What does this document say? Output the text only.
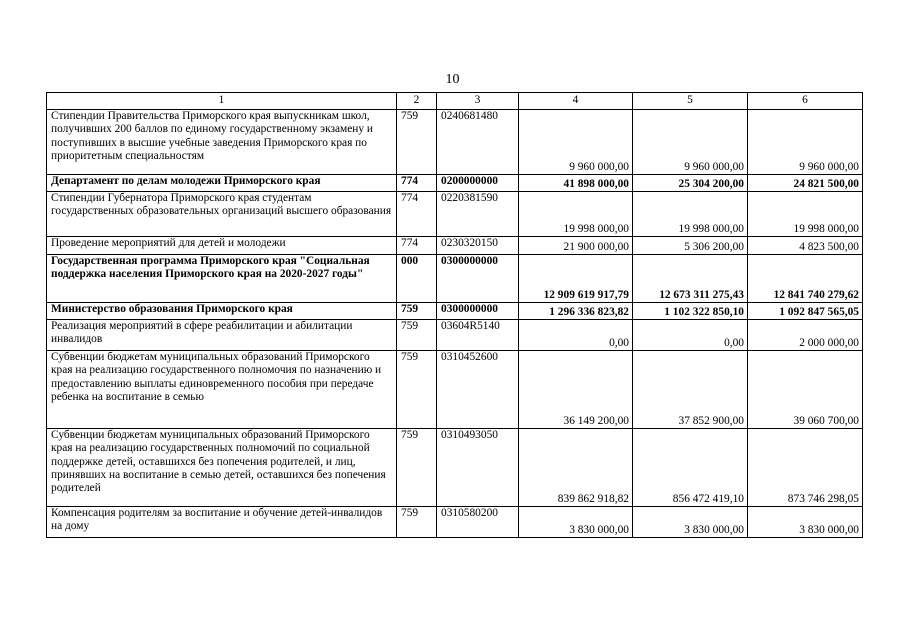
10
1	2	3	4	5	6
Стипендии Правительства Приморского края выпускникам школ, получивших 200 баллов по единому государственному экзамену и поступивших в высшие учебные заведения Приморского края по приоритетным специальностям	759	0240681480	9 960 000,00	9 960 000,00	9 960 000,00
Департамент по делам молодежи Приморского края	774	0200000000	41 898 000,00	25 304 200,00	24 821 500,00
Стипендии Губернатора Приморского края студентам государственных образовательных организаций высшего образования	774	0220381590	19 998 000,00	19 998 000,00	19 998 000,00
Проведение мероприятий для детей и молодежи	774	0230320150	21 900 000,00	5 306 200,00	4 823 500,00
Государственная программа Приморского края "Социальная поддержка населения Приморского края на 2020-2027 годы"	000	0300000000	12 909 619 917,79	12 673 311 275,43	12 841 740 279,62
Министерство образования Приморского края	759	0300000000	1 296 336 823,82	1 102 322 850,10	1 092 847 565,05
Реализация мероприятий в сфере реабилитации и абилитации инвалидов	759	03604R5140	0,00	0,00	2 000 000,00
Субвенции бюджетам муниципальных образований Приморского края на реализацию государственного полномочия по назначению и предоставлению выплаты единовременного пособия при передаче ребенка на воспитание в семью	759	0310452600	36 149 200,00	37 852 900,00	39 060 700,00
Субвенции бюджетам муниципальных образований Приморского края на реализацию государственных полномочий по социальной поддержке детей, оставшихся без попечения родителей, и лиц, принявших на воспитание в семью детей, оставшихся без попечения родителей	759	0310493050	839 862 918,82	856 472 419,10	873 746 298,05
Компенсация родителям за воспитание и обучение детей-инвалидов на дому	759	0310580200	3 830 000,00	3 830 000,00	3 830 000,00
